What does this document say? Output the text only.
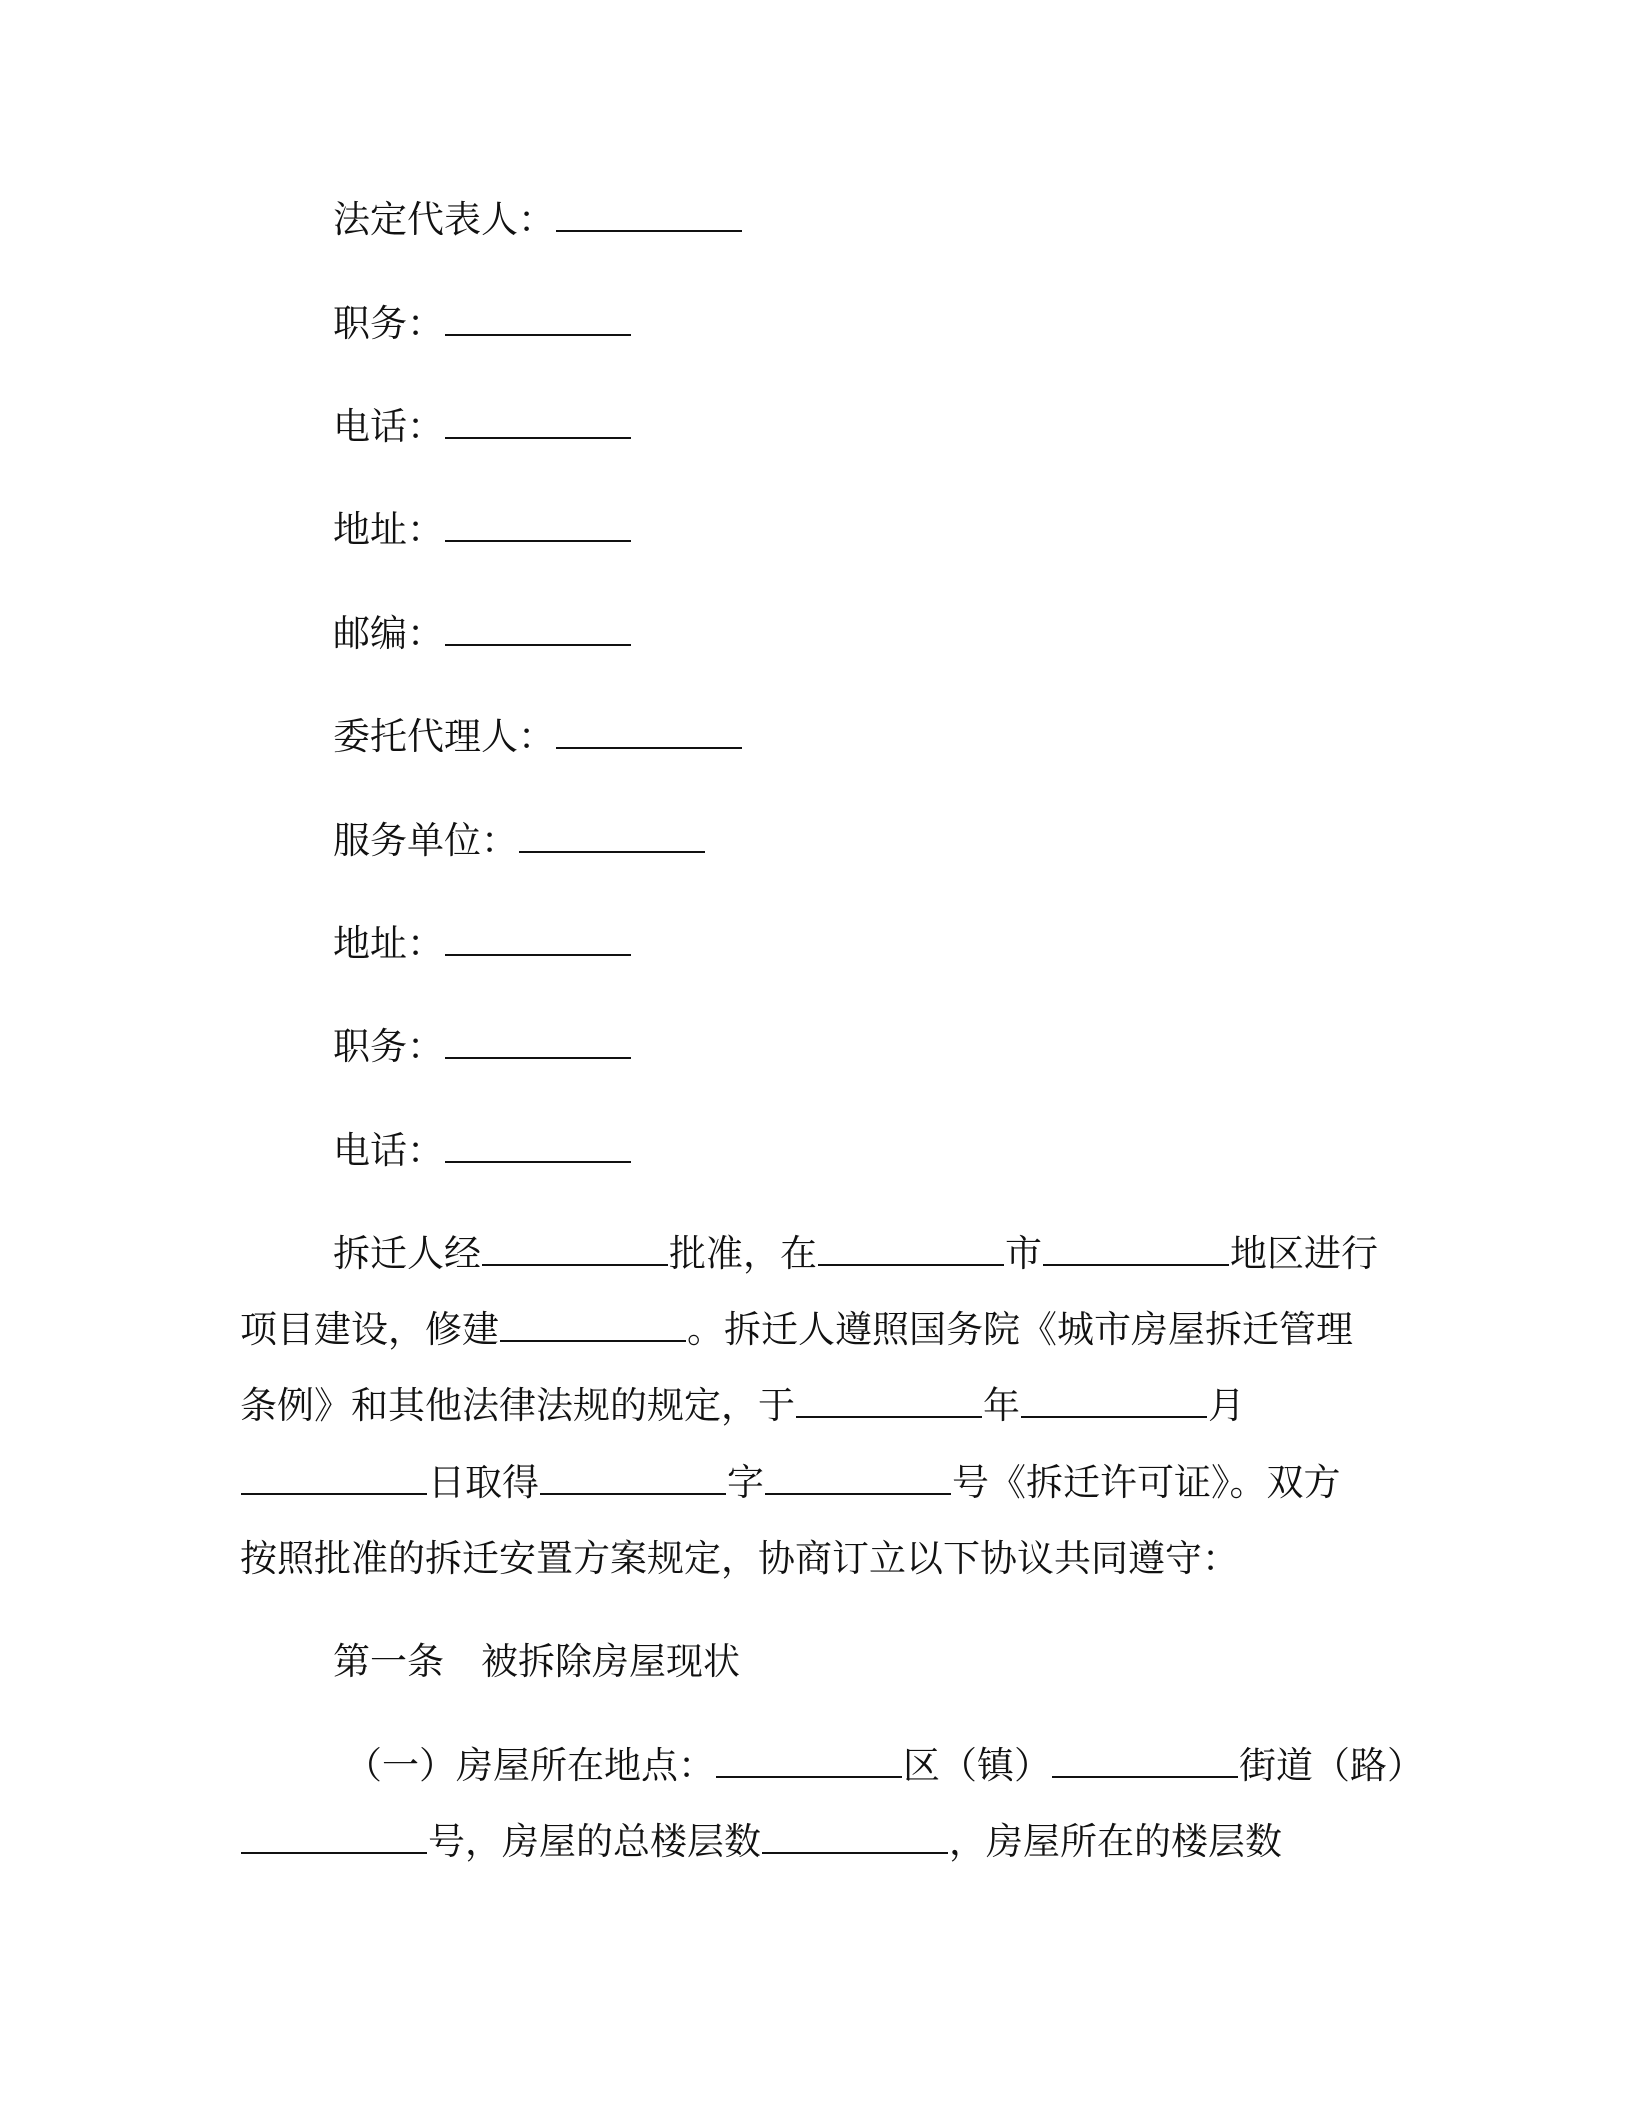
法定代表人：
职务：
电话：
地址：
邮编：
委托代理人：
服务单位：
地址：
职务：
电话：
拆迁人经	批准，在	市	地区进行
项目建设，修建	。拆迁人遵照国务院《城市房屋拆迁管理
条例》和其他法律法规的规定，于	年	月
日取得	字	号《拆迁许可证》。双方
按照批准的拆迁安置方案规定，协商订立以下协议共同遵守：
第一条　被拆除房屋现状
（一）房屋所在地点：	区（镇）	街道（路）
号，房屋的总楼层数	，房屋所在的楼层数
